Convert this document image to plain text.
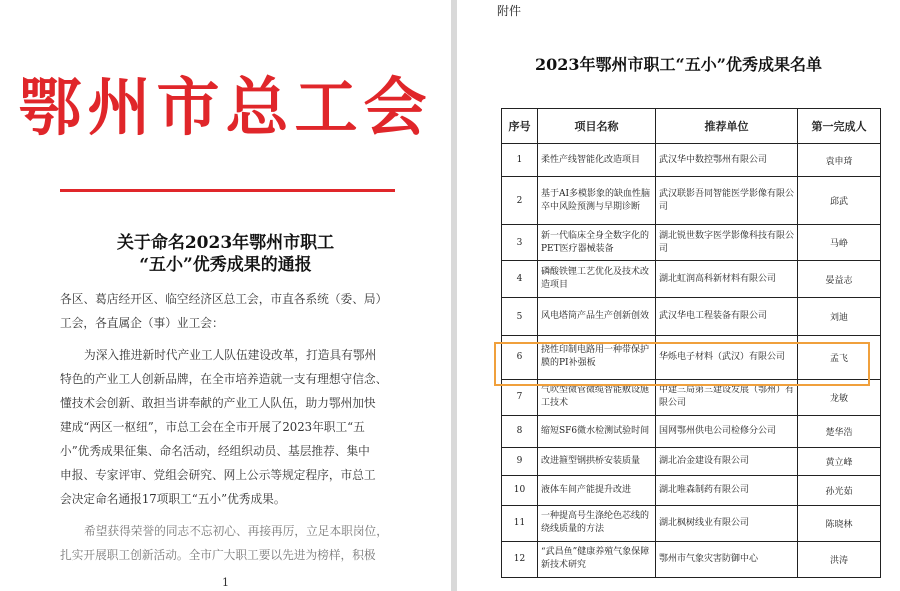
鄂州市总工会
关于命名2023年鄂州市职工
“五小”优秀成果的通报
各区、葛店经开区、临空经济区总工会，市直各系统（委、局）
工会，各直属企（事）业工会：
为深入推进新时代产业工人队伍建设改革，打造具有鄂州
特色的产业工人创新品牌，在全市培养造就一支有理想守信念、
懂技术会创新、敢担当讲奉献的产业工人队伍，助力鄂州加快
建成“两区一枢纽”，市总工会在全市开展了2023年职工“五
小”优秀成果征集、命名活动，经组织动员、基层推荐、集中
申报、专家评审、党组会研究、网上公示等规定程序，市总工
会决定命名通报17项职工“五小”优秀成果。
希望获得荣誉的同志不忘初心、再接再厉，立足本职岗位，
扎实开展职工创新活动。全市广大职工要以先进为榜样，积极
1
附件
2023年鄂州市职工“五小”优秀成果名单
序号	项目名称	推荐单位	第一完成人
1	柔性产线智能化改造项目	武汉华中数控鄂州有限公司	袁申琦
2	基于AI多模影象的缺血性脑卒中风险预测与早期诊断	武汉联影吾同智能医学影像有限公司	邱武
3	新一代临床全身全数字化的PET医疗器械装备	湖北锐世数字医学影像科技有限公司	马峥
4	磷酸铁锂工艺优化及技术改造项目	湖北虹润高科新材料有限公司	晏益志
5	风电塔筒产品生产创新创效	武汉华电工程装备有限公司	刘迪
6	挠性印制电路用一种带保护膜的PI补强板	华烁电子材料（武汉）有限公司	孟飞
7	气吹型微管微缆智能敷设施工技术	中建三局第三建设发展（鄂州）有限公司	龙敏
8	缩短SF6微水检测试验时间	国网鄂州供电公司检修分公司	楚华浩
9	改进箍型钢拱桥安装质量	湖北冶金建设有限公司	黄立峰
10	液体车间产能提升改进	湖北唯森制药有限公司	孙光茹
11	一种提高号生涤纶色芯线的绕线质量的方法	湖北枫树线业有限公司	陈晓林
12	“武昌鱼”健康养殖气象保障新技术研究	鄂州市气象灾害防御中心	洪涛
